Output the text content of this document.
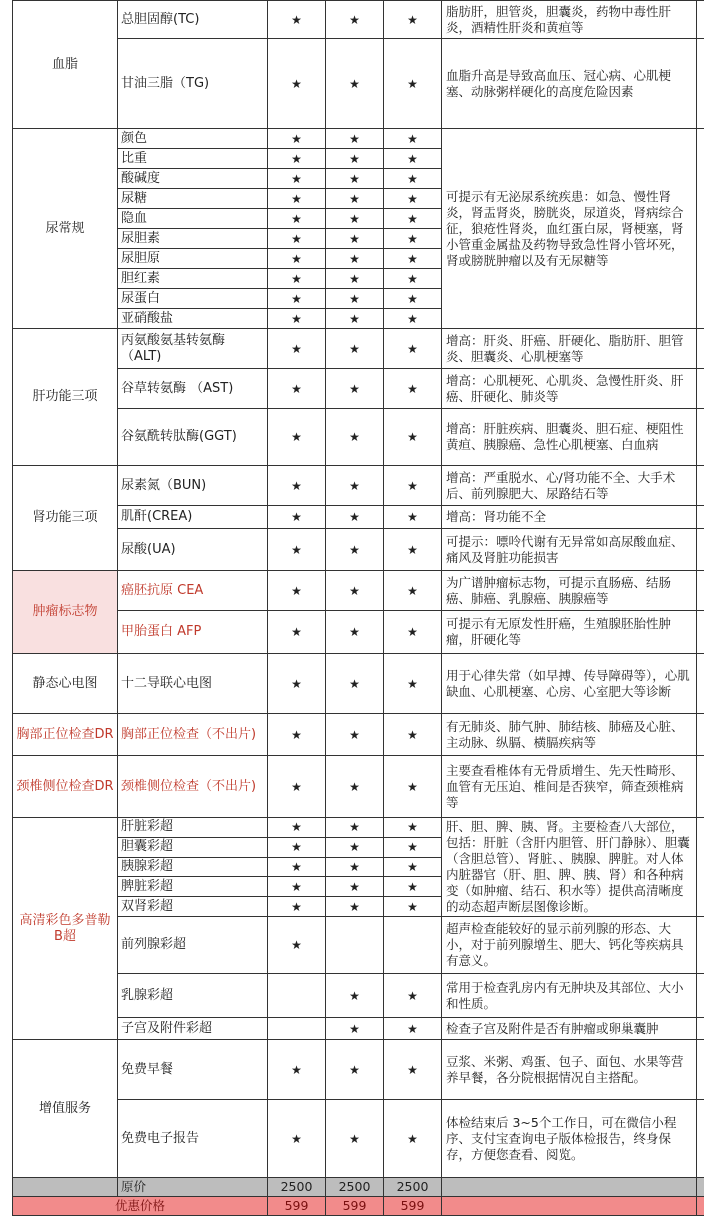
血脂	总胆固醇(TC)	★	★	★	脂肪肝，胆管炎，胆囊炎，药物中毒性肝炎，酒精性肝炎和黄疸等	
	甘油三脂（TG)	★	★	★	血脂升高是导致高血压、冠心病、心肌梗塞、动脉粥样硬化的高度危险因素	
尿常规	颜色	★	★	★	可提示有无泌尿系统疾患：如急、慢性肾炎，肾盂肾炎，膀胱炎，尿道炎，肾病综合征，狼疮性肾炎，血红蛋白尿，肾梗塞，肾小管重金属盐及药物导致急性肾小管坏死，肾或膀胱肿瘤以及有无尿糖等	
	比重	★	★	★		
	酸碱度	★	★	★		
	尿糖	★	★	★		
	隐血	★	★	★		
	尿胆素	★	★	★		
	尿胆原	★	★	★		
	胆红素	★	★	★		
	尿蛋白	★	★	★		
	亚硝酸盐	★	★	★		
肝功能三项	丙氨酸氨基转氨酶（ALT)	★	★	★	增高：肝炎、肝癌、肝硬化、脂肪肝、胆管炎、胆囊炎、心肌梗塞等	
	谷草转氨酶 （AST)	★	★	★	增高：心肌梗死、心肌炎、急慢性肝炎、肝癌、肝硬化、肺炎等	
	谷氨酰转肽酶(GGT)	★	★	★	增高：肝脏疾病、胆囊炎、胆石症、梗阻性黄疸、胰腺癌、急性心肌梗塞、白血病	
肾功能三项	尿素氮（BUN)	★	★	★	增高：严重脱水、心/肾功能不全、大手术后、前列腺肥大、尿路结石等	
	肌酐(CREA)	★	★	★	增高：肾功能不全	
	尿酸(UA)	★	★	★	可提示：嘌呤代谢有无异常如高尿酸血症、痛风及肾脏功能损害	
肿瘤标志物	癌胚抗原 CEA	★	★	★	为广谱肿瘤标志物，可提示直肠癌、结肠癌、肺癌、乳腺癌、胰腺癌等	
	甲胎蛋白 AFP	★	★	★	可提示有无原发性肝癌，生殖腺胚胎性肿瘤，肝硬化等	
静态心电图	十二导联心电图	★	★	★	用于心律失常（如早搏、传导障碍等），心肌缺血、心肌梗塞、心房、心室肥大等诊断	
胸部正位检查DR	胸部正位检查（不出片)	★	★	★	有无肺炎、肺气肿、肺结核、肺癌及心脏、主动脉、纵膈、横膈疾病等	
颈椎侧位检查DR	颈椎侧位检查（不出片)	★	★	★	主要查看椎体有无骨质增生、先天性畸形、血管有无压迫、椎间是否狭窄，筛查颈椎病等	
高清彩色多普勒B超	肝脏彩超	★	★	★	肝、胆、脾、胰、肾。主要检查八大部位，包括：肝脏（含肝内胆管、肝门静脉）、胆囊（含胆总管）、肾脏、、胰腺、脾脏。对人体内脏器官（肝、胆、脾、胰、肾）和各种病变（如肿瘤、结石、积水等）提供高清晰度的动态超声断层图像诊断。	
	胆囊彩超	★	★	★		
	胰腺彩超	★	★	★		
	脾脏彩超	★	★	★		
	双肾彩超	★	★	★		
	前列腺彩超	★			超声检查能较好的显示前列腺的形态、大小，对于前列腺增生、肥大、钙化等疾病具有意义。	
	乳腺彩超		★	★	常用于检查乳房内有无肿块及其部位、大小和性质。	
	子宫及附件彩超		★	★	检查子宫及附件是否有肿瘤或卵巢囊肿	
增值服务	免费早餐	★	★	★	豆浆、米粥、鸡蛋、包子、面包、水果等营养早餐，各分院根据情况自主搭配。	
	免费电子报告	★	★	★	体检结束后 3~5个工作日，可在微信小程序、支付宝查询电子版体检报告，终身保存，方便您查看、阅览。	
	原价	2500	2500	2500		
优惠价格		599	599	599		
